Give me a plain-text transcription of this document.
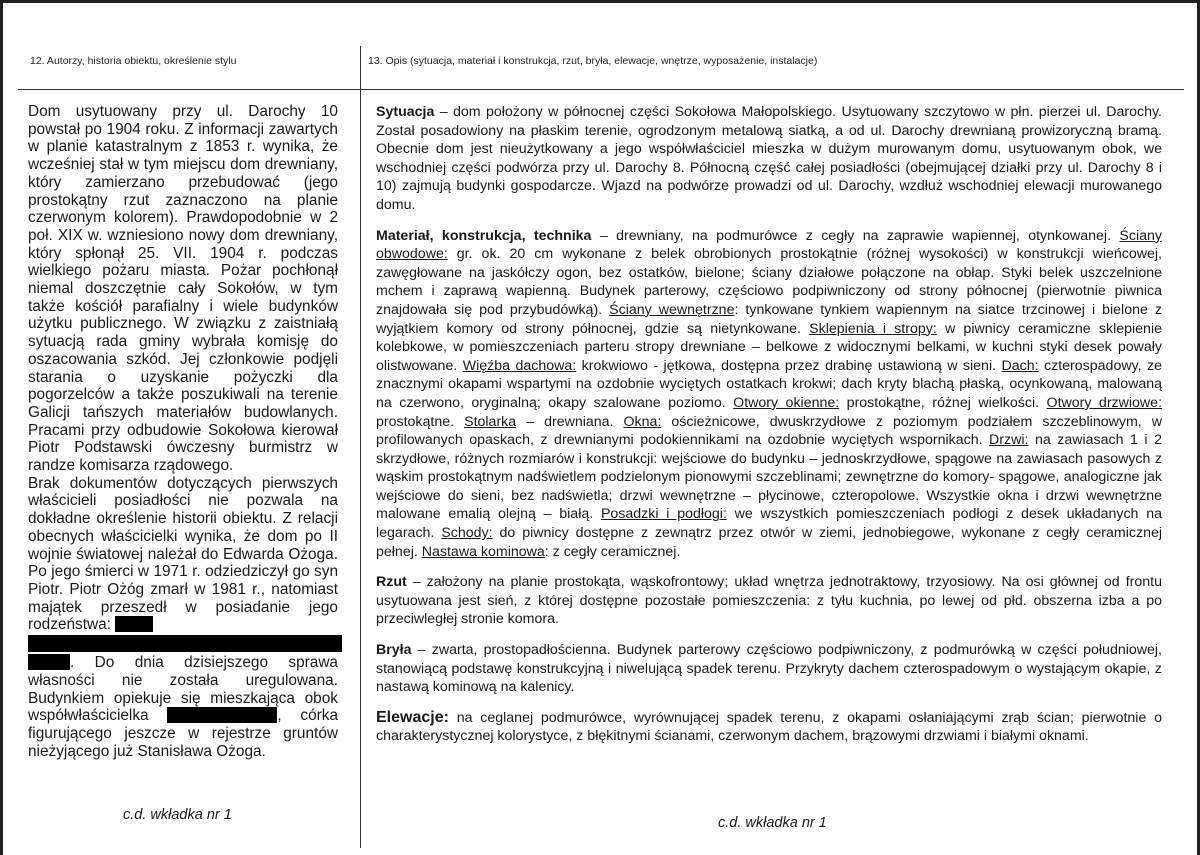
12. Autorzy, historia obiektu, określenie stylu	13. Opis (sytuacja, materiał i konstrukcja, rzut, bryła, elewacje, wnętrze, wyposażenie, instalacje)

Dom usytuowany przy ul. Darochy 10 powstał po 1904 roku. Z informacji zawartych w planie katastralnym z 1853 r. wynika, że wcześniej stał w tym miejscu dom drewniany, który zamierzano przebudować (jego prostokątny rzut zaznaczono na planie czerwonym kolorem). Prawdopodobnie w 2 poł. XIX w. wzniesiono nowy dom drewniany, który spłonął 25. VII. 1904 r. podczas wielkiego pożaru miasta. Pożar pochłonął niemal doszczętnie cały Sokołów, w tym także kościół parafialny i wiele budynków użytku publicznego. W związku z zaistniałą sytuacją rada gminy wybrała komisję do oszacowania szkód. Jej członkowie podjęli starania o uzyskanie pożyczki dla pogorzelców a także poszukiwali na terenie Galicji tańszych materiałów budowlanych. Pracami przy odbudowie Sokołowa kierował Piotr Podstawski ówczesny burmistrz w randze komisarza rządowego.

Brak dokumentów dotyczących pierwszych właścicieli posiadłości nie pozwala na dokładne określenie historii obiektu. Z relacji obecnych właścicielki wynika, że dom po II wojnie światowej należał do Edwarda Ożoga. Po jego śmierci w 1971 r. odziedziczył go syn Piotr. Piotr Ożóg zmarł w 1981 r., natomiast majątek przeszedł w posiadanie jego rodzeństwa:

. Do dnia dzisiejszego sprawa własności nie została uregulowana. Budynkiem opiekuje się mieszkająca obok współwłaścicielka	, córka figurującego jeszcze w rejestrze gruntów nieżyjącego już Stanisława Ożoga.

c.d. wkładka nr 1
Sytuacja – dom położony w północnej części Sokołowa Małopolskiego. Usytuowany szczytowo w płn. pierzei ul. Darochy. Został posadowiony na płaskim terenie, ogrodzonym metalową siatką, a od ul. Darochy drewnianą prowizoryczną bramą. Obecnie dom jest nieużytkowany a jego współwłaściciel mieszka w dużym murowanym domu, usytuowanym obok, we wschodniej części podwórza przy ul. Darochy 8. Północną część całej posiadłości (obejmującej działki przy ul. Darochy 8 i 10) zajmują budynki gospodarcze. Wjazd na podwórze prowadzi od ul. Darochy, wzdłuż wschodniej elewacji murowanego domu.
Materiał, konstrukcja, technika – drewniany, na podmurówce z cegły na zaprawie wapiennej, otynkowanej. Ściany obwodowe: gr. ok. 20 cm wykonane z belek obrobionych prostokątnie (różnej wysokości) w konstrukcji wieńcowej, zawęgłowane na jaskółczy ogon, bez ostatków, bielone; ściany działowe połączone na obłap. Styki belek uszczelnione mchem i zaprawą wapienną. Budynek parterowy, częściowo podpiwniczony od strony północnej (pierwotnie piwnica znajdowała się pod przybudówką). Ściany wewnętrzne: tynkowane tynkiem wapiennym na siatce trzcinowej i bielone z wyjątkiem komory od strony północnej, gdzie są nietynkowane. Sklepienia i stropy: w piwnicy ceramiczne sklepienie kolebkowe, w pomieszczeniach parteru stropy drewniane – belkowe z widocznymi belkami, w kuchni styki desek powały olistwowane. Więźba dachowa: krokwiowo - jętkowa, dostępna przez drabinę ustawioną w sieni. Dach: czterospadowy, ze znacznymi okapami wspartymi na ozdobnie wyciętych ostatkach krokwi; dach kryty blachą płaską, ocynkowaną, malowaną na czerwono, oryginalną; okapy szalowane poziomo. Otwory okienne: prostokątne, różnej wielkości. Otwory drzwiowe: prostokątne. Stolarka – drewniana. Okna: ościeżnicowe, dwuskrzydłowe z poziomym podziałem szczeblinowym, w profilowanych opaskach, z drewnianymi podokiennikami na ozdobnie wyciętych wspornikach. Drzwi: na zawiasach 1 i 2 skrzydłowe, różnych rozmiarów i konstrukcji: wejściowe do budynku – jednoskrzydłowe, spągowe na zawiasach pasowych z wąskim prostokątnym nadświetlem podzielonym pionowymi szczeblinami; zewnętrzne do komory- spągowe, analogiczne jak wejściowe do sieni, bez nadświetla; drzwi wewnętrzne – płycinowe, czteropolowe. Wszystkie okna i drzwi wewnętrzne malowane emalią olejną – białą. Posadzki i podłogi: we wszystkich pomieszczeniach podłogi z desek układanych na legarach. Schody: do piwnicy dostępne z zewnątrz przez otwór w ziemi, jednobiegowe, wykonane z cegły ceramicznej pełnej. Nastawa kominowa: z cegły ceramicznej.
Rzut – założony na planie prostokąta, wąskofrontowy; układ wnętrza jednotraktowy, trzyosiowy. Na osi głównej od frontu usytuowana jest sień, z której dostępne pozostałe pomieszczenia: z tyłu kuchnia, po lewej od płd. obszerna izba a po przeciwległej stronie komora.
Bryła – zwarta, prostopadłościenna. Budynek parterowy częściowo podpiwniczony, z podmurówką w części południowej, stanowiącą podstawę konstrukcyjną i niwelującą spadek terenu. Przykryty dachem czterospadowym o wystającym okapie, z nastawą kominową na kalenicy.
Elewacje: na ceglanej podmurówce, wyrównującej spadek terenu, z okapami osłaniającymi zrąb ścian; pierwotnie o charakterystycznej kolorystyce, z błękitnymi ścianami, czerwonym dachem, brązowymi drzwiami i białymi oknami.
c.d. wkładka nr 1
